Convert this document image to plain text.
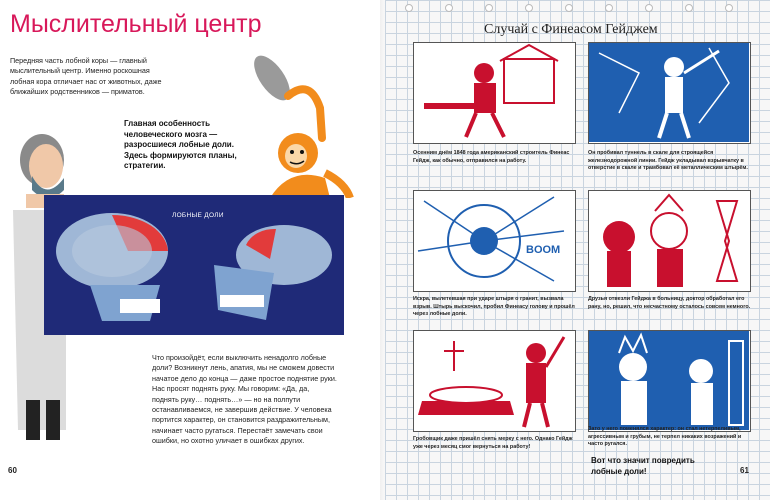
Мыслительный центр
Передняя часть лобной коры — главный мыслительный центр. Именно роскошная лобная кора отличает нас от животных, даже ближайших родственников — приматов.
Главная особенность человеческого мозга — разросшиеся лобные доли. Здесь формируются планы, стратегии.
ЛОБНЫЕ ДОЛИ
Что произойдёт, если выключить ненадолго лобные доли? Возникнут лень, апатия, мы не сможем довести начатое дело до конца — даже простое поднятие руки. Нас просят поднять руку. Мы говорим: «Да, да, поднять руку… поднять…» — но на полпути останавливаемся, не завершив действие. У человека портится характер, он становится раздражительным, начинает часто ругаться. Перестаёт замечать свои ошибки, но охотно уличает в ошибках других.
60
Случай с Финеасом Гейджем
Осенним днём 1848 года американский строитель Финеас Гейдж, как обычно, отправился на работу.
Он пробивал туннель в скале для строящейся железнодорожной линии. Гейдж укладывал взрывчатку в отверстие в скале и трамбовал её металлическим штырём.
BOOM
Искра, вылетевшая при ударе штыря о гранит, вызвала взрыв. Штырь выскочил, пробил Финеасу голову и прошёл через лобные доли.
Друзья отвезли Гейджа в больницу, доктор обработал его рану, но, решил, что несчастному осталось совсем немного.
Гробовщик даже пришёл снять мерку с него. Однако Гейдж уже через месяц смог вернуться на работу!
Зато у него поменялся характер: он стал нетерпеливым, агрессивным и грубым, не терпел никаких возражений и часто ругался.
Вот что значит повредить лобные доли!	61
